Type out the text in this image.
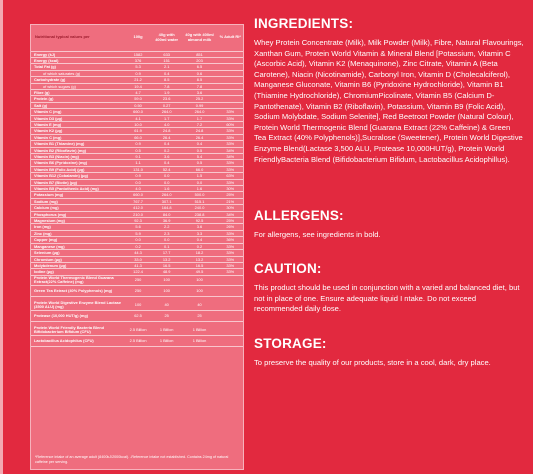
Nutritional typical values per	100g	40g with 400ml water	40g with 400ml almond milk	% Adult RI*
Energy (kJ)	1582	633	851	
Energy (kcal)	376	151	203	
Total Fat (g)	5.3	2.1	6.5	
of which saturates (g)	0.9	0.4	0.6	
Carbohydrate (g)	21.2	8.5	8.5	
of which sugars (g)	19.4	7.8	7.8	
Fibre (g)	4.7	1.9	3.6	
Protein (g)	59.0	23.6	25.2	
Salt (g)	0.50	0.27	0.99	
Vitamin C (mg)	660.0	264.0	264.0	33%
Vitamin D3 (µg)	4.1	1.7	1.7	33%
Vitamin E (mg)	10.0	4.0	7.2	60%
Vitamin K2 (µg)	61.9	24.8	24.8	33%
Vitamin C (mg)	66.0	26.4	26.4	33%
Vitamin B1 (Thiamine) (mg)	0.9	0.4	0.4	33%
Vitamin B2 (Riboflavin) (mg)	0.5	0.2	0.5	34%
Vitamin B3 (Niacin) (mg)	9.1	3.6	5.4	34%
Vitamin B6 (Pyridoxine) (mg)	1.1	0.4	0.5	33%
Vitamin B9 (Folic Acid) (µg)	131.0	52.4	66.0	33%
Vitamin B12 (Cobalamin) (µg)	0.9	0.0	1.5	63%
Vitamin B7 (Biotin) (µg)	0.0	0.0	0.0	33%
Vitamin B5 (Pantothenic Acid) (mg)	4.0	1.6	1.6	30%
Potassium (mg)	660.0	264.0	500.0	25%
Sodium (mg)	767.7	307.1	515.1	21%
Calcium (mg)	412.0	164.8	240.0	30%
Phosphorus (mg)	210.0	84.0	238.8	34%
Magnesium (mg)	92.3	36.9	92.5	25%
Iron (mg)	5.6	2.2	3.6	26%
Zinc (mg)	5.9	2.3	3.3	33%
Copper (mg)	0.0	0.0	0.4	36%
Manganese (mg)	0.2	0.1	0.2	33%
Selenium (µg)	44.3	17.7	18.2	33%
Chromium (µg)	33.0	13.2	13.2	33%
Molybdenum (µg)	41.3	16.5	16.5	33%
Iodine (µg)	122.4	48.9	49.5	33%
Protein World Thermogenic Blend Guarana Extract(22% Caffeine) (mg)	250	100	100	
Green Tea Extract (40% Polyphenols) (mg)	250	100	100	

Protein World Digestive Enzyme Blend Lactase (3500 ALU) (mg)	100	40	40	
Protease (10,000 HUT/g) (mg)	62.5	25	25	

Protein World Friendly Bacteria Blend Bifidobacterium Bifidum (CFU)	2.5 Billion	1 Billion	1 Billion	
Lactobacillus Acidophilus (CFU)	2.5 Billion	1 Billion	1 Billion	
*Reference intake of an average adult (8400kJ/2000kcal). -Reference intake not established. Contains 24mg of natural caffeine per serving.
INGREDIENTS:

Whey Protein Concentrate (Milk), Milk Powder (Milk), Fibre, Natural Flavourings, Xanthan Gum, Protein World Vitamin & Mineral Blend [Potassium, Vitamin C (Ascorbic Acid), Vitamin K2 (Menaquinone), Zinc Citrate, Vitamin A (Beta Carotene), Niacin (Nicotinamide), Carbonyl Iron, Vitamin D (Cholecalciferol), Manganese Gluconate, Vitamin B6 (Pyridoxine Hydrochloride), Vitamin B1 (Thiamine Hydrochloride), ChromiumPicolinate, Vitamin B5 (Calcium D-Pantothenate), Vitamin B2 (Riboflavin), Potassium, Vitamin B9 (Folic Acid), Sodium Molybdate, Sodium Selenite], Red Beetroot Powder (Natural Colour), Protein World Thermogenic Blend [Guarana Extract (22% Caffeine) & Green Tea Extract (40% Polyphenols)],Sucralose (Sweetener), Protein World Digestive Enzyme Blend(Lactase 3,500 ALU, Protease 10,000HUT/g), Protein World FriendlyBacteria Blend (Bifidobacterium Bifidum, Lactobacillus Acidophillus).

ALLERGENS:

For allergens, see ingredients in bold.

CAUTION:

This product should be used in conjunction with a varied and balanced diet, but not in place of one. Ensure adequate liquid I ntake. Do not exceed recommended daily dose.

STORAGE:

To preserve the quality of our products, store in a cool, dark, dry place.
